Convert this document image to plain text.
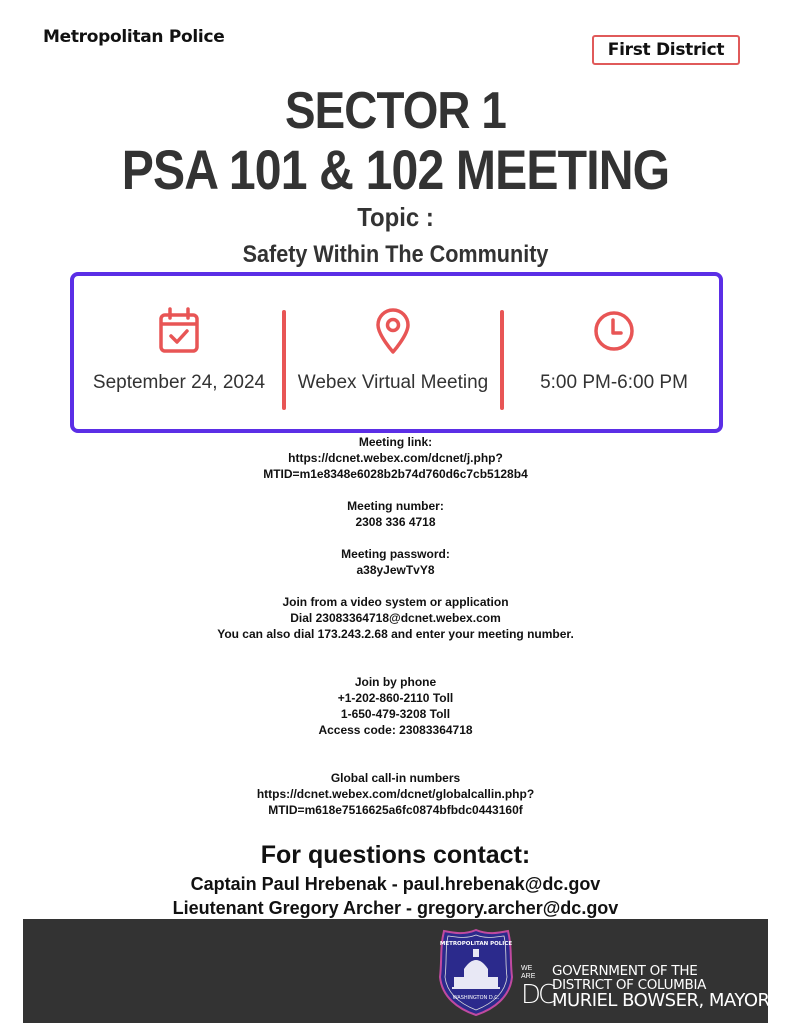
Metropolitan Police
First District
SECTOR 1
PSA 101 & 102 MEETING
Topic :
Safety Within The Community
September 24, 2024 Webex Virtual Meeting	5:00 PM-6:00 PM
Meeting link:
https://dcnet.webex.com/dcnet/j.php?
MTID=m1e8348e6028b2b74d760d6c7cb5128b4
Meeting number:
2308 336 4718
Meeting password:
a38yJewTvY8
Join from a video system or application
Dial 23083364718@dcnet.webex.com
You can also dial 173.243.2.68 and enter your meeting number.
Join by phone
+1-202-860-2110 Toll
1-650-479-3208 Toll
Access code: 23083364718
Global call-in numbers
https://dcnet.webex.com/dcnet/globalcallin.php?
MTID=m618e7516625a6fc0874bfbdc0443160f
For questions contact:
Captain Paul Hrebenak - paul.hrebenak@dc.gov
Lieutenant Gregory Archer - gregory.archer@dc.gov
WASHINGTON D.C.
METROPOLITAN POLICE
WE ARE
DC
GOVERNMENT OF THE
DISTRICT OF COLUMBIA
MURIEL BOWSER, MAYOR
